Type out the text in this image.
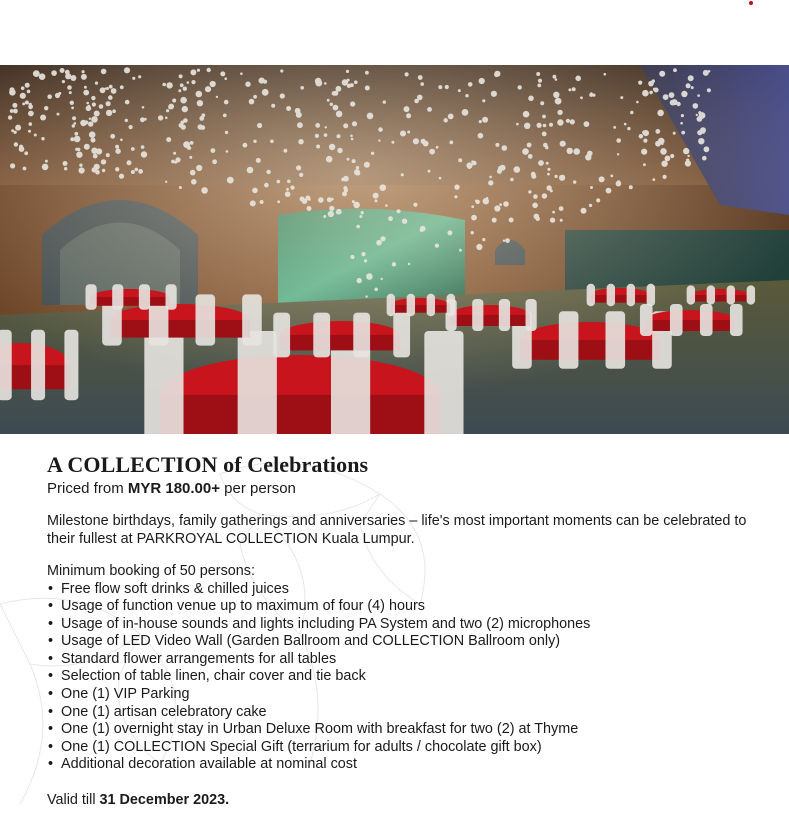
A COLLECTION of Celebrations
Priced from MYR 180.00+ per person
Milestone birthdays, family gatherings and anniversaries – life's most important moments can be celebrated to their fullest at PARKROYAL COLLECTION Kuala Lumpur.
Minimum booking of 50 persons:
• Free flow soft drinks & chilled juices
• Usage of function venue up to maximum of four (4) hours
• Usage of in-house sounds and lights including PA System and two (2) microphones
• Usage of LED Video Wall (Garden Ballroom and COLLECTION Ballroom only)
• Standard flower arrangements for all tables
• Selection of table linen, chair cover and tie back
• One (1) VIP Parking
• One (1) artisan celebratory cake
• One (1) overnight stay in Urban Deluxe Room with breakfast for two (2) at Thyme
• One (1) COLLECTION Special Gift (terrarium for adults / chocolate gift box)
• Additional decoration available at nominal cost
Valid till 31 December 2023.
